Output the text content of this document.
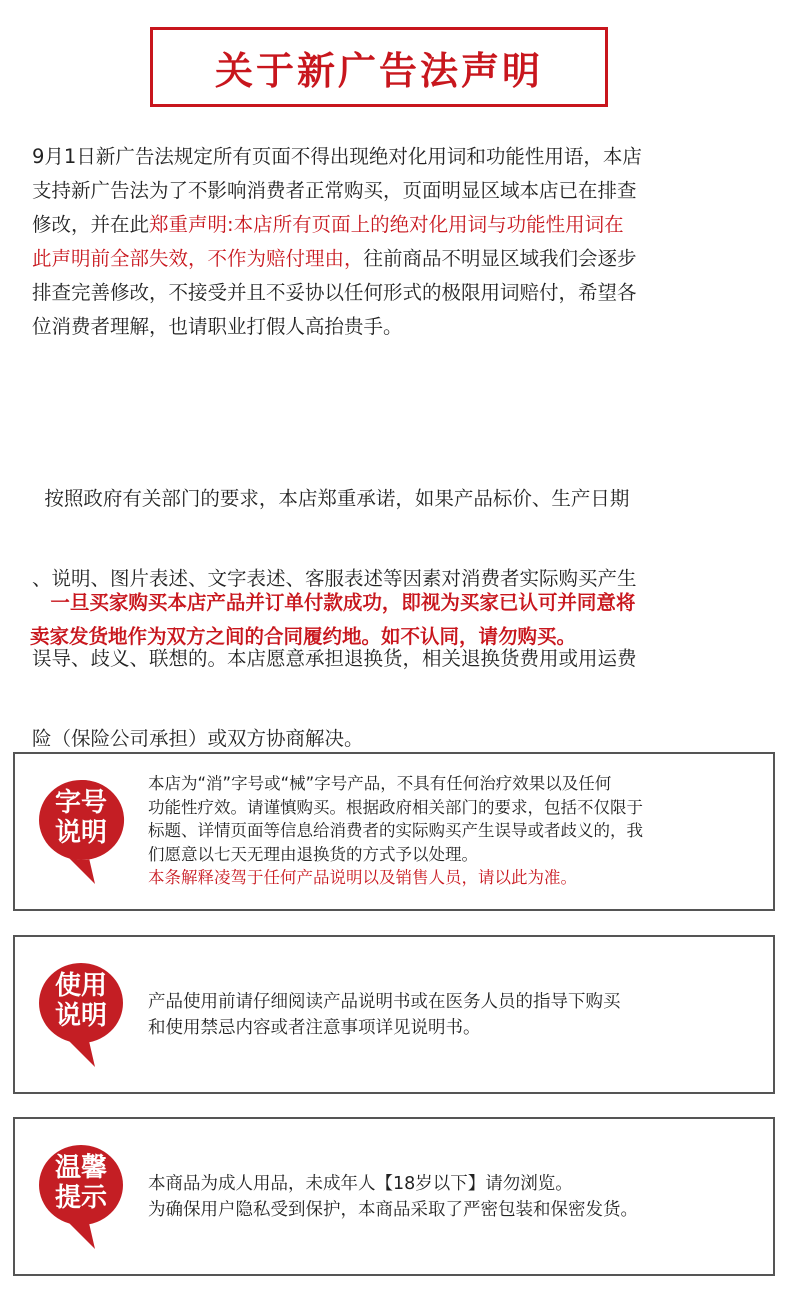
关于新广告法声明
9月1日新广告法规定所有页面不得出现绝对化用词和功能性用语，本店
支持新广告法为了不影响消费者正常购买，页面明显区域本店已在排查
修改，并在此郑重声明:本店所有页面上的绝对化用词与功能性用词在
此声明前全部失效，不作为赔付理由，往前商品不明显区域我们会逐步
排查完善修改，不接受并且不妥协以任何形式的极限用词赔付，希望各
位消费者理解，也请职业打假人高抬贵手。

按照政府有关部门的要求，本店郑重承诺，如果产品标价、生产日期

、说明、图片表述、文字表述、客服表述等因素对消费者实际购买产生

误导、歧义、联想的。本店愿意承担退换货，相关退换货费用或用运费

险（保险公司承担）或双方协商解决。

一旦买家购买本店产品并订单付款成功，即视为买家已认可并同意将
卖家发货地作为双方之间的合同履约地。如不认同，请勿购买。
字号
说明
本店为“消”字号或“械”字号产品，不具有任何治疗效果以及任何
功能性疗效。请谨慎购买。根据政府相关部门的要求，包括不仅限于
标题、详情页面等信息给消费者的实际购买产生误导或者歧义的，我
们愿意以七天无理由退换货的方式予以处理。
本条解释凌驾于任何产品说明以及销售人员，请以此为准。
使用
说明	产品使用前请仔细阅读产品说明书或在医务人员的指导下购买
和使用禁忌内容或者注意事项详见说明书。
温馨
提示	本商品为成人用品，未成年人【18岁以下】请勿浏览。
为确保用户隐私受到保护，本商品采取了严密包装和保密发货。
